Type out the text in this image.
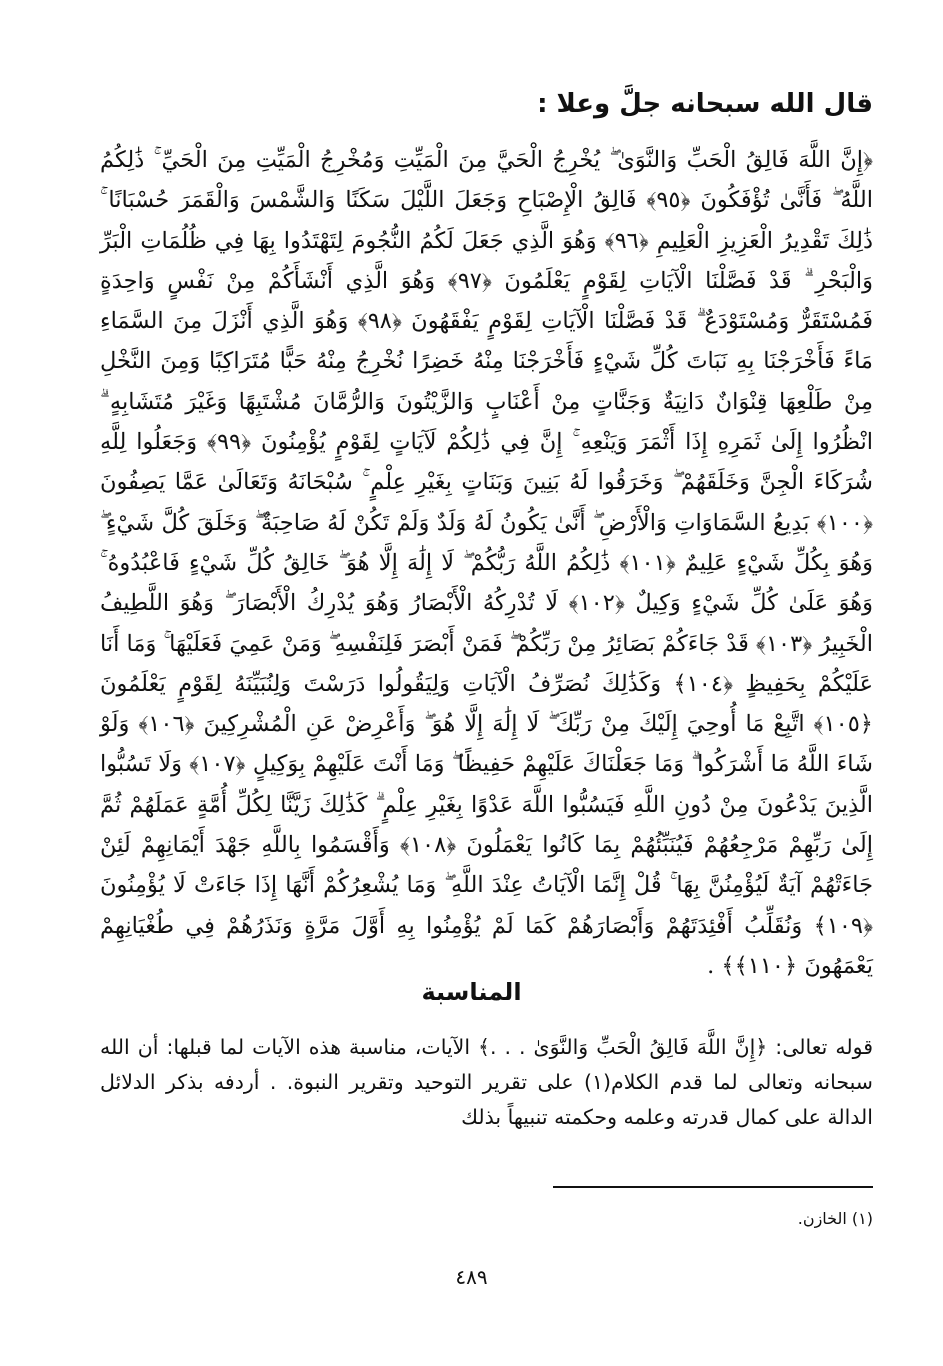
قال الله سبحانه جلَّ وعلا :
﴿إِنَّ اللَّهَ فَالِقُ الْحَبِّ وَالنَّوَىٰ ۖ يُخْرِجُ الْحَيَّ مِنَ الْمَيِّتِ وَمُخْرِجُ الْمَيِّتِ مِنَ الْحَيِّ ۚ ذَٰلِكُمُ اللَّهُ ۖ فَأَنَّىٰ تُؤْفَكُونَ ﴿٩٥﴾ فَالِقُ الْإِصْبَاحِ وَجَعَلَ اللَّيْلَ سَكَنًا وَالشَّمْسَ وَالْقَمَرَ حُسْبَانًا ۚ ذَٰلِكَ تَقْدِيرُ الْعَزِيزِ الْعَلِيمِ ﴿٩٦﴾ وَهُوَ الَّذِي جَعَلَ لَكُمُ النُّجُومَ لِتَهْتَدُوا بِهَا فِي ظُلُمَاتِ الْبَرِّ وَالْبَحْرِ ۗ قَدْ فَصَّلْنَا الْآيَاتِ لِقَوْمٍ يَعْلَمُونَ ﴿٩٧﴾ وَهُوَ الَّذِي أَنْشَأَكُمْ مِنْ نَفْسٍ وَاحِدَةٍ فَمُسْتَقَرٌّ وَمُسْتَوْدَعٌ ۗ قَدْ فَصَّلْنَا الْآيَاتِ لِقَوْمٍ يَفْقَهُونَ ﴿٩٨﴾ وَهُوَ الَّذِي أَنْزَلَ مِنَ السَّمَاءِ مَاءً فَأَخْرَجْنَا بِهِ نَبَاتَ كُلِّ شَيْءٍ فَأَخْرَجْنَا مِنْهُ خَضِرًا نُخْرِجُ مِنْهُ حَبًّا مُتَرَاكِبًا وَمِنَ النَّخْلِ مِنْ طَلْعِهَا قِنْوَانٌ دَانِيَةٌ وَجَنَّاتٍ مِنْ أَعْنَابٍ وَالزَّيْتُونَ وَالرُّمَّانَ مُشْتَبِهًا وَغَيْرَ مُتَشَابِهٍ ۗ انْظُرُوا إِلَىٰ ثَمَرِهِ إِذَا أَثْمَرَ وَيَنْعِهِ ۚ إِنَّ فِي ذَٰلِكُمْ لَآيَاتٍ لِقَوْمٍ يُؤْمِنُونَ ﴿٩٩﴾ وَجَعَلُوا لِلَّهِ شُرَكَاءَ الْجِنَّ وَخَلَقَهُمْ ۖ وَخَرَقُوا لَهُ بَنِينَ وَبَنَاتٍ بِغَيْرِ عِلْمٍ ۚ سُبْحَانَهُ وَتَعَالَىٰ عَمَّا يَصِفُونَ ﴿١٠٠﴾ بَدِيعُ السَّمَاوَاتِ وَالْأَرْضِ ۖ أَنَّىٰ يَكُونُ لَهُ وَلَدٌ وَلَمْ تَكُنْ لَهُ صَاحِبَةٌ ۖ وَخَلَقَ كُلَّ شَيْءٍ ۖ وَهُوَ بِكُلِّ شَيْءٍ عَلِيمٌ ﴿١٠١﴾ ذَٰلِكُمُ اللَّهُ رَبُّكُمْ ۖ لَا إِلَٰهَ إِلَّا هُوَ ۖ خَالِقُ كُلِّ شَيْءٍ فَاعْبُدُوهُ ۚ وَهُوَ عَلَىٰ كُلِّ شَيْءٍ وَكِيلٌ ﴿١٠٢﴾ لَا تُدْرِكُهُ الْأَبْصَارُ وَهُوَ يُدْرِكُ الْأَبْصَارَ ۖ وَهُوَ اللَّطِيفُ الْخَبِيرُ ﴿١٠٣﴾ قَدْ جَاءَكُمْ بَصَائِرُ مِنْ رَبِّكُمْ ۖ فَمَنْ أَبْصَرَ فَلِنَفْسِهِ ۖ وَمَنْ عَمِيَ فَعَلَيْهَا ۚ وَمَا أَنَا عَلَيْكُمْ بِحَفِيظٍ ﴿١٠٤﴾ وَكَذَٰلِكَ نُصَرِّفُ الْآيَاتِ وَلِيَقُولُوا دَرَسْتَ وَلِنُبَيِّنَهُ لِقَوْمٍ يَعْلَمُونَ ﴿١٠٥﴾ اتَّبِعْ مَا أُوحِيَ إِلَيْكَ مِنْ رَبِّكَ ۖ لَا إِلَٰهَ إِلَّا هُوَ ۖ وَأَعْرِضْ عَنِ الْمُشْرِكِينَ ﴿١٠٦﴾ وَلَوْ شَاءَ اللَّهُ مَا أَشْرَكُوا ۗ وَمَا جَعَلْنَاكَ عَلَيْهِمْ حَفِيظًا ۖ وَمَا أَنْتَ عَلَيْهِمْ بِوَكِيلٍ ﴿١٠٧﴾ وَلَا تَسُبُّوا الَّذِينَ يَدْعُونَ مِنْ دُونِ اللَّهِ فَيَسُبُّوا اللَّهَ عَدْوًا بِغَيْرِ عِلْمٍ ۗ كَذَٰلِكَ زَيَّنَّا لِكُلِّ أُمَّةٍ عَمَلَهُمْ ثُمَّ إِلَىٰ رَبِّهِمْ مَرْجِعُهُمْ فَيُنَبِّئُهُمْ بِمَا كَانُوا يَعْمَلُونَ ﴿١٠٨﴾ وَأَقْسَمُوا بِاللَّهِ جَهْدَ أَيْمَانِهِمْ لَئِنْ جَاءَتْهُمْ آيَةٌ لَيُؤْمِنُنَّ بِهَا ۚ قُلْ إِنَّمَا الْآيَاتُ عِنْدَ اللَّهِ ۖ وَمَا يُشْعِرُكُمْ أَنَّهَا إِذَا جَاءَتْ لَا يُؤْمِنُونَ ﴿١٠٩﴾ وَنُقَلِّبُ أَفْئِدَتَهُمْ وَأَبْصَارَهُمْ كَمَا لَمْ يُؤْمِنُوا بِهِ أَوَّلَ مَرَّةٍ وَنَذَرُهُمْ فِي طُغْيَانِهِمْ يَعْمَهُونَ ﴿١١٠﴾﴾ .
المناسبة
قوله تعالى: ﴿إِنَّ اللَّهَ فَالِقُ الْحَبِّ وَالنَّوَىٰ . . .﴾ الآيات، مناسبة هذه الآيات لما قبلها: أن الله سبحانه وتعالى لما قدم الكلام(١) على تقرير التوحيد وتقرير النبوة. . أردفه بذكر الدلائل الدالة على كمال قدرته وعلمه وحكمته تنبيهاً بذلك
(١) الخازن.
٤٨٩
